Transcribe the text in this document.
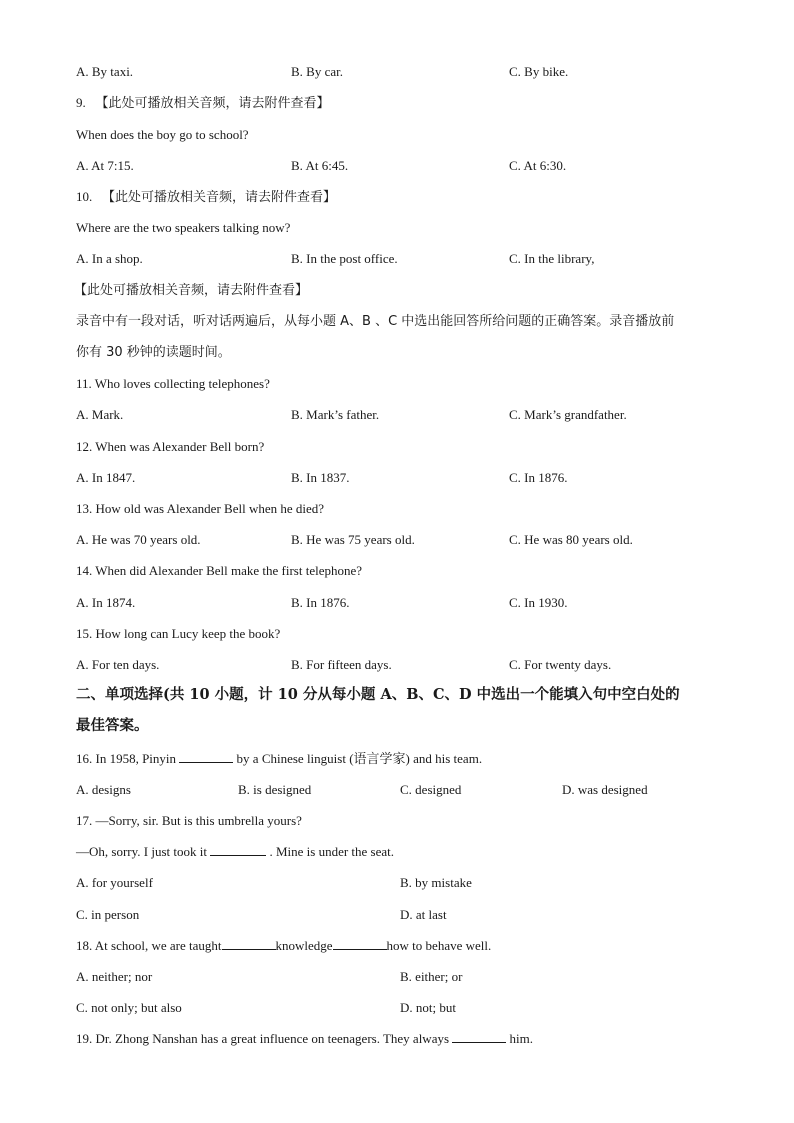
A. By taxi.	B. By car.	C. By bike.
9. 【此处可播放相关音频，请去附件查看】
When does the boy go to school?
A. At 7:15.	B. At 6:45.	C. At 6:30.
10. 【此处可播放相关音频，请去附件查看】
Where are the two speakers talking now?
A. In a shop.	B. In the post office.	C. In the library,
【此处可播放相关音频，请去附件查看】
录音中有一段对话，听对话两遍后，从每小题 A、B 、C 中选出能回答所给问题的正确答案。录音播放前
你有 30 秒钟的读题时间。
11. Who loves collecting telephones?
A. Mark.	B. Mark’s father.	C. Mark’s grandfather.
12. When was Alexander Bell born?
A. In 1847.	B. In 1837.	C. In 1876.
13. How old was Alexander Bell when he died?
A. He was 70 years old.	B. He was 75 years old.	C. He was 80 years old.
14. When did Alexander Bell make the first telephone?
A. In 1874.	B. In 1876.	C. In 1930.
15. How long can Lucy keep the book?
A. For ten days.	B. For fifteen days.	C. For twenty days.
二、单项选择(共 10 小题，计 10 分从每小题 A、B、C、D 中选出一个能填入句中空白处的
最佳答案。
16. In 1958, Pinyin	by a Chinese linguist (语言学家) and his team.
A. designs	B. is designed	C. designed	D. was designed
17. —Sorry, sir. But is this umbrella yours?
—Oh, sorry. I just took it	. Mine is under the seat.
A. for yourself	B. by mistake
C. in person	D. at last
18. At school, we are taught	knowledge	how to behave well.
A. neither; nor	B. either; or
C. not only; but also	D. not; but
19. Dr. Zhong Nanshan has a great influence on teenagers. They always	him.
